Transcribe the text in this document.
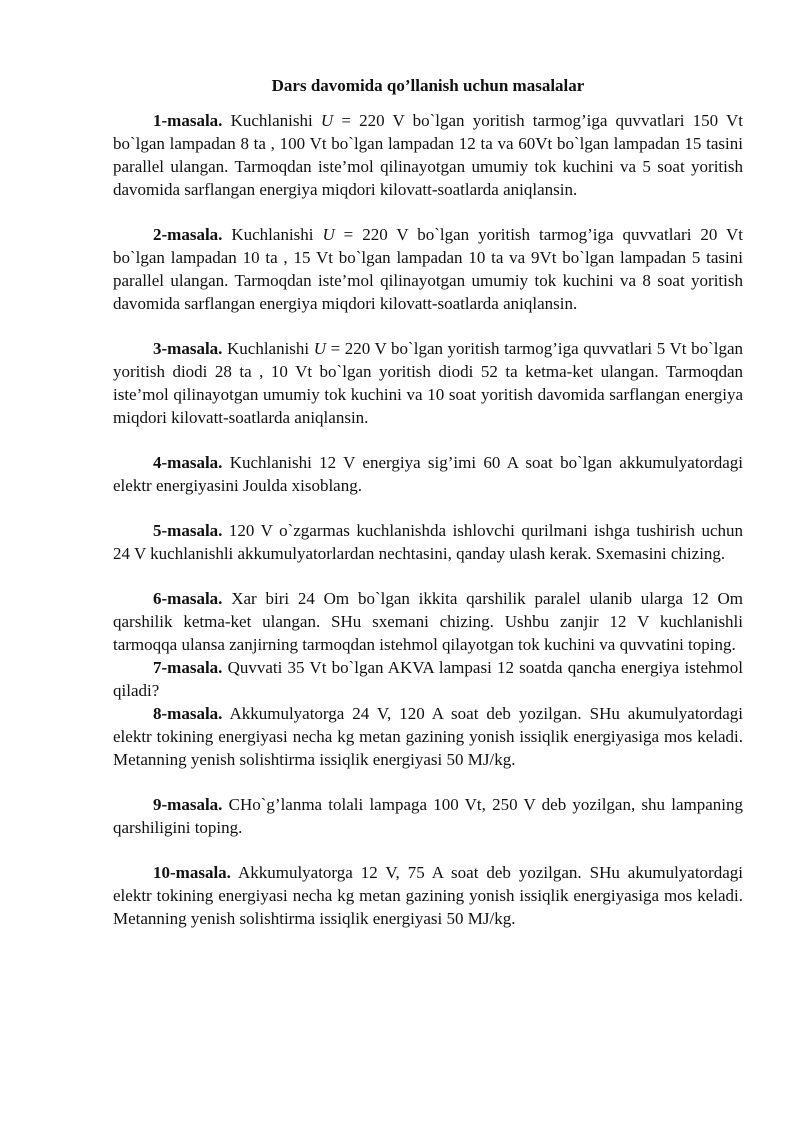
Dars davomida qo’llanish uchun masalalar

1-masala. Kuchlanishi U = 220 V bo`lgan yoritish tarmog’iga quvvatlari 150 Vt bo`lgan lampadan 8 ta , 100 Vt bo`lgan lampadan 12 ta va 60Vt bo`lgan lampadan 15 tasini parallel ulangan. Tarmoqdan iste’mol qilinayotgan umumiy tok kuchini va 5 soat yoritish davomida sarflangan energiya miqdori kilovatt-soatlarda aniqlansin.

2-masala. Kuchlanishi U = 220 V bo`lgan yoritish tarmog’iga quvvatlari 20 Vt bo`lgan lampadan 10 ta , 15 Vt bo`lgan lampadan 10 ta va 9Vt bo`lgan lampadan 5 tasini parallel ulangan. Tarmoqdan iste’mol qilinayotgan umumiy tok kuchini va 8 soat yoritish davomida sarflangan energiya miqdori kilovatt-soatlarda aniqlansin.

3-masala. Kuchlanishi U = 220 V bo`lgan yoritish tarmog’iga quvvatlari 5 Vt bo`lgan yoritish diodi 28 ta , 10 Vt bo`lgan yoritish diodi 52 ta ketma-ket ulangan. Tarmoqdan iste’mol qilinayotgan umumiy tok kuchini va 10 soat yoritish davomida sarflangan energiya miqdori kilovatt-soatlarda aniqlansin.

4-masala. Kuchlanishi 12 V energiya sig’imi 60 A soat bo`lgan akkumulyatordagi elektr energiyasini Joulda xisoblang.

5-masala. 120 V o`zgarmas kuchlanishda ishlovchi qurilmani ishga tushirish uchun 24 V kuchlanishli akkumulyatorlardan nechtasini, qanday ulash kerak. Sxemasini chizing.

6-masala. Xar biri 24 Om bo`lgan ikkita qarshilik paralel ulanib ularga 12 Om qarshilik ketma-ket ulangan. SHu sxemani chizing. Ushbu zanjir 12 V kuchlanishli tarmoqqa ulansa zanjirning tarmoqdan istehmol qilayotgan tok kuchini va quvvatini toping.

7-masala. Quvvati 35 Vt bo`lgan AKVA lampasi 12 soatda qancha energiya istehmol qiladi?

8-masala. Akkumulyatorga 24 V, 120 A soat deb yozilgan. SHu akumulyatordagi elektr tokining energiyasi necha kg metan gazining yonish issiqlik energiyasiga mos keladi. Metanning yenish solishtirma issiqlik energiyasi 50 MJ/kg.

9-masala. CHo`g’lanma tolali lampaga 100 Vt, 250 V deb yozilgan, shu lampaning qarshiligini toping.

10-masala. Akkumulyatorga 12 V, 75 A soat deb yozilgan. SHu akumulyatordagi elektr tokining energiyasi necha kg metan gazining yonish issiqlik energiyasiga mos keladi. Metanning yenish solishtirma issiqlik energiyasi 50 MJ/kg.
